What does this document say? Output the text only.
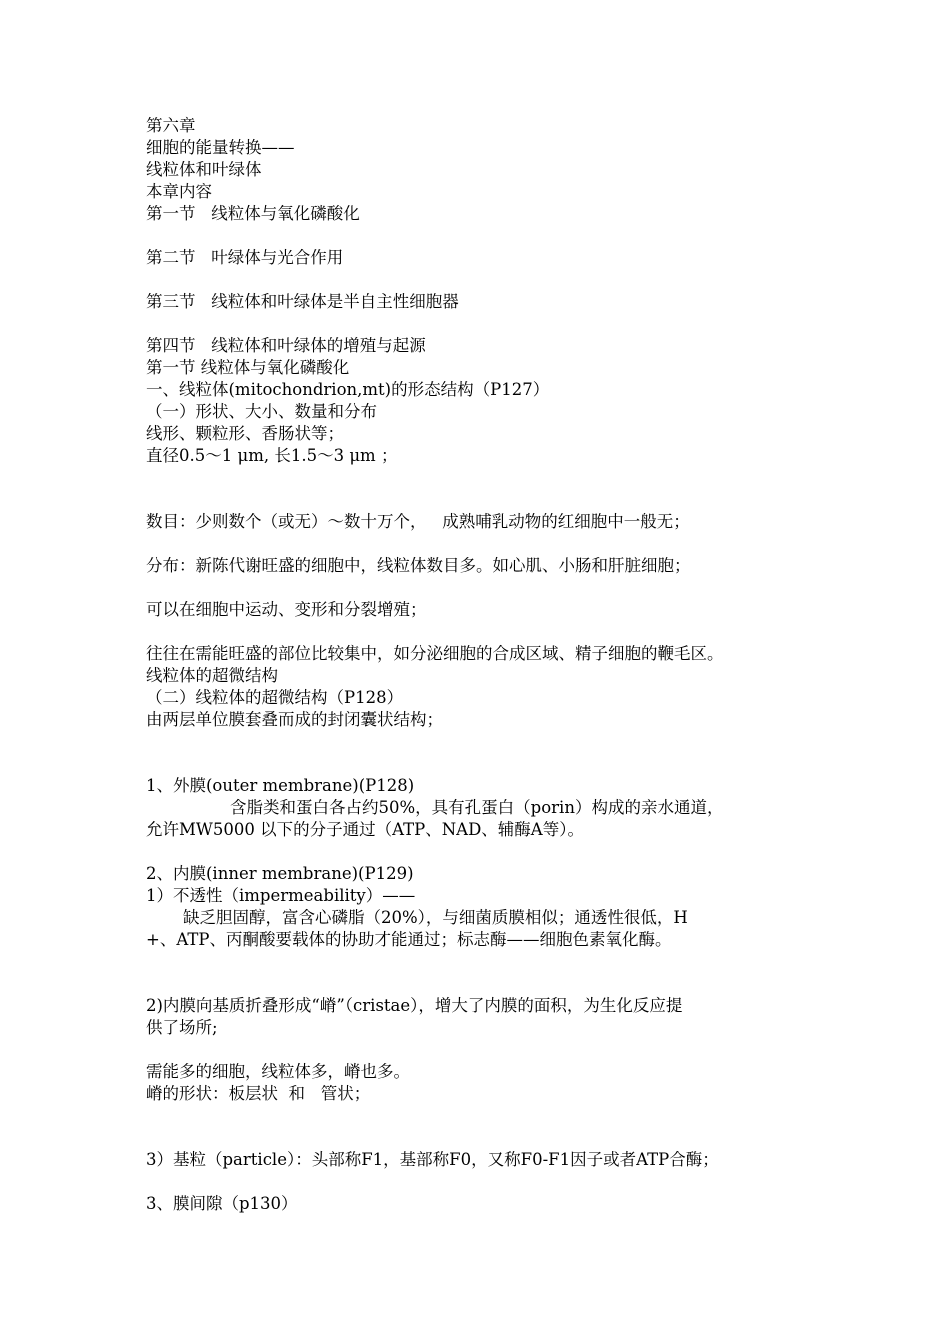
第六章

细胞的能量转换——

线粒体和叶绿体

本章内容

第一节   线粒体与氧化磷酸化

第二节   叶绿体与光合作用

第三节   线粒体和叶绿体是半自主性细胞器

第四节   线粒体和叶绿体的增殖与起源

第一节 线粒体与氧化磷酸化

一、线粒体(mitochondrion,mt)的形态结构（P127）

（一）形状、大小、数量和分布

线形、颗粒形、香肠状等；

直径0.5～1 μm, 长1.5～3 μm ；

数目：少则数个（或无）～数十万个，   成熟哺乳动物的红细胞中一般无；

分布：新陈代谢旺盛的细胞中，线粒体数目多。如心肌、小肠和肝脏细胞；

可以在细胞中运动、变形和分裂增殖；

往往在需能旺盛的部位比较集中，如分泌细胞的合成区域、精子细胞的鞭毛区。

线粒体的超微结构

（二）线粒体的超微结构（P128）

由两层单位膜套叠而成的封闭囊状结构；

1、外膜(outer membrane)(P128)

含脂类和蛋白各占约50%，具有孔蛋白（porin）构成的亲水通道，

允许MW5000 以下的分子通过（ATP、NAD、辅酶A等）。

2、内膜(inner membrane)(P129)

1）不透性（impermeability）——

缺乏胆固醇，富含心磷脂（20%），与细菌质膜相似；通透性很低，H

+、ATP、丙酮酸要载体的协助才能通过；标志酶——细胞色素氧化酶。

2)内膜向基质折叠形成“嵴”（cristae），增大了内膜的面积，为生化反应提

供了场所;

需能多的细胞，线粒体多，嵴也多。

嵴的形状：板层状  和   管状；

3）基粒（particle）：头部称F1，基部称F0，又称F0-F1因子或者ATP合酶；

3、膜间隙（p130）
